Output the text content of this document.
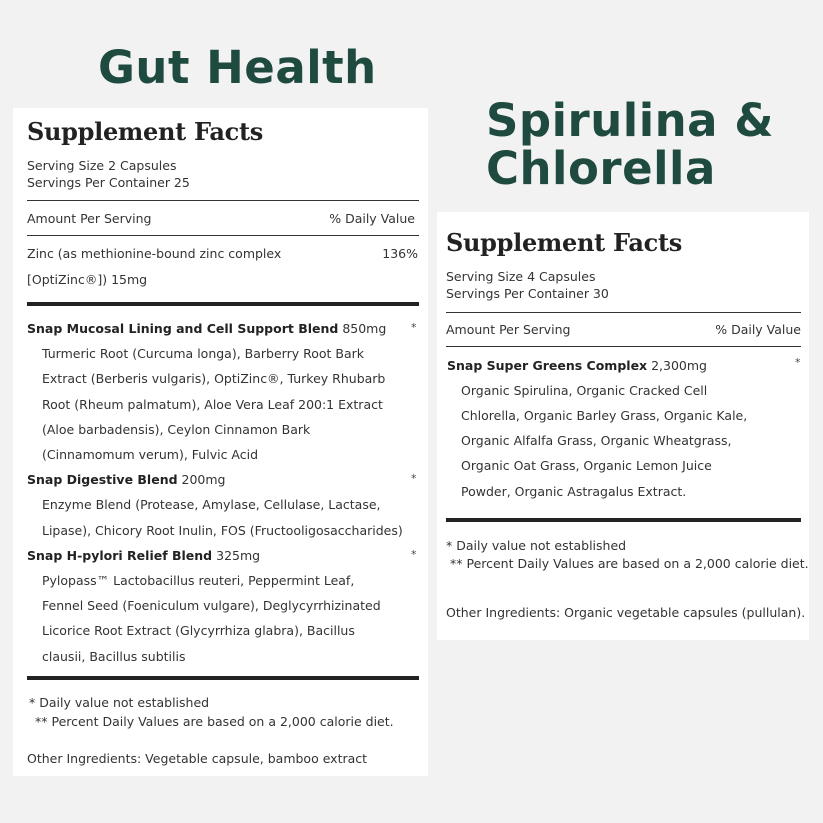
Gut Health
Spirulina &
Chlorella
Supplement Facts
Serving Size 2 Capsules
Servings Per Container 25
Amount Per Serving	% Daily Value
Zinc (as methionine-bound zinc complex	136%
[OptiZinc®]) 15mg
Snap Mucosal Lining and Cell Support Blend 850mg *
Turmeric Root (Curcuma longa), Barberry Root Bark
Extract (Berberis vulgaris), OptiZinc®, Turkey Rhubarb
Root (Rheum palmatum), Aloe Vera Leaf 200:1 Extract
(Aloe barbadensis), Ceylon Cinnamon Bark
(Cinnamomum verum), Fulvic Acid
Snap Digestive Blend 200mg	*
Enzyme Blend (Protease, Amylase, Cellulase, Lactase,
Lipase), Chicory Root Inulin, FOS (Fructooligosaccharides)
Snap H-pylori Relief Blend 325mg	*
Pylopass™ Lactobacillus reuteri, Peppermint Leaf,
Fennel Seed (Foeniculum vulgare), Deglycyrrhizinated
Licorice Root Extract (Glycyrrhiza glabra), Bacillus
clausii, Bacillus subtilis
* Daily value not established
** Percent Daily Values are based on a 2,000 calorie diet.
Other Ingredients: Vegetable capsule, bamboo extract
Supplement Facts
Serving Size 4 Capsules
Servings Per Container 30
Amount Per Serving	% Daily Value
Snap Super Greens Complex 2,300mg	*
Organic Spirulina, Organic Cracked Cell
Chlorella, Organic Barley Grass, Organic Kale,
Organic Alfalfa Grass, Organic Wheatgrass,
Organic Oat Grass, Organic Lemon Juice
Powder, Organic Astragalus Extract.
* Daily value not established
** Percent Daily Values are based on a 2,000 calorie diet.
Other Ingredients: Organic vegetable capsules (pullulan).
